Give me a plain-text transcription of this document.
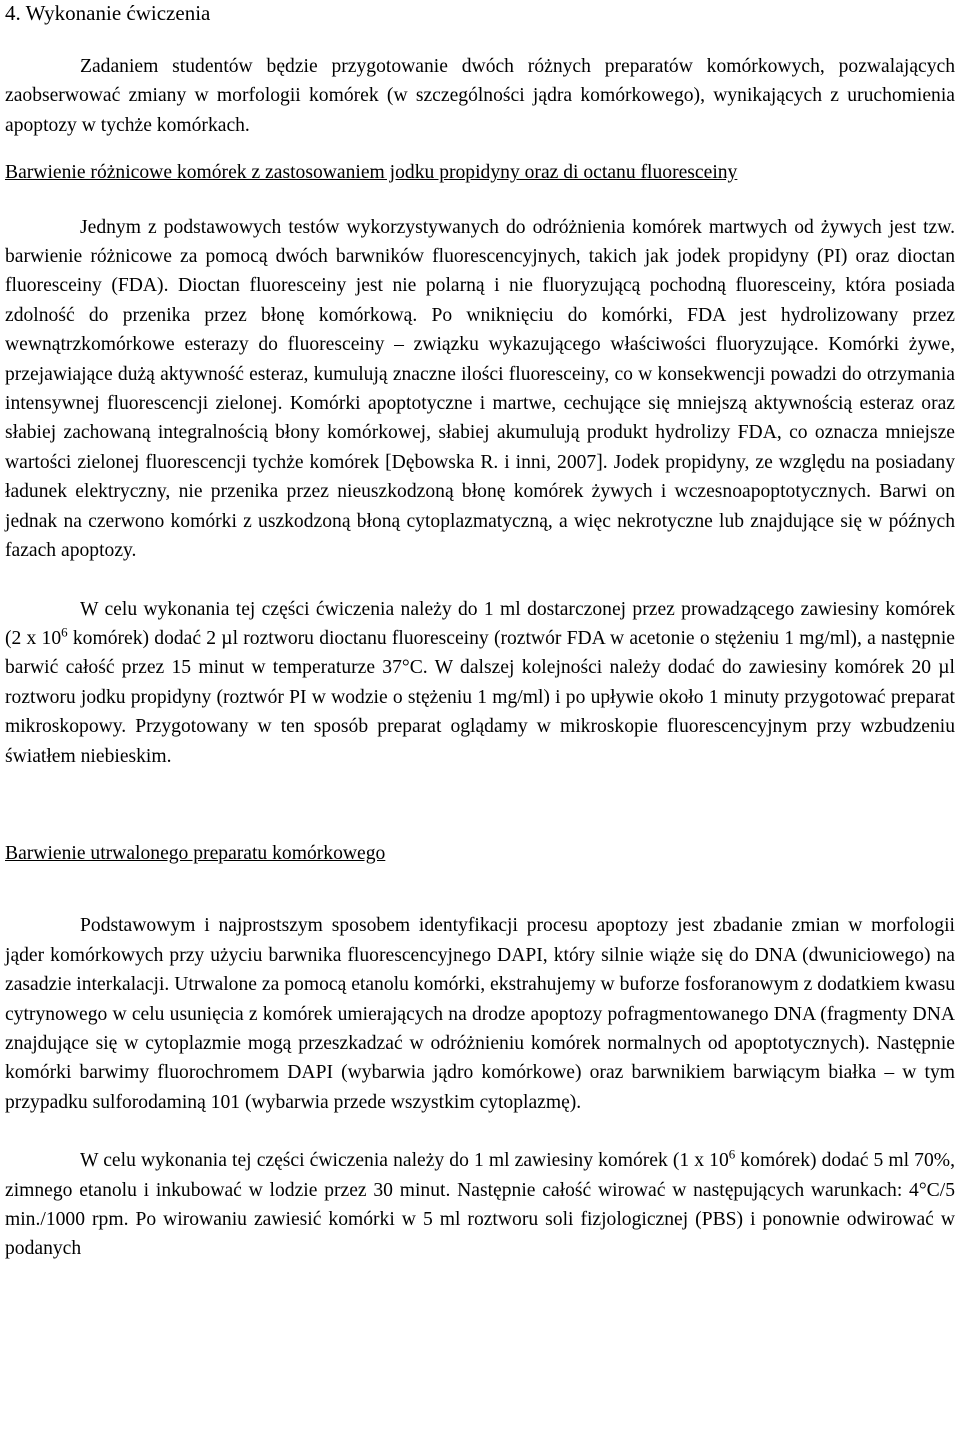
4. Wykonanie ćwiczenia

Zadaniem studentów będzie przygotowanie dwóch różnych preparatów komórkowych, pozwalających zaobserwować zmiany w morfologii komórek (w szczególności jądra komórkowego), wynikających z uruchomienia apoptozy w tychże komórkach.

Barwienie różnicowe komórek z zastosowaniem jodku propidyny oraz di octanu fluoresceiny

Jednym z podstawowych testów wykorzystywanych do odróżnienia komórek martwych od żywych jest tzw. barwienie różnicowe za pomocą dwóch barwników fluorescencyjnych, takich jak jodek propidyny (PI) oraz dioctan fluoresceiny (FDA). Dioctan fluoresceiny jest nie polarną i nie fluoryzującą pochodną fluoresceiny, która posiada zdolność do przenika przez błonę komórkową. Po wniknięciu do komórki, FDA jest hydrolizowany przez wewnątrzkomórkowe esterazy do fluoresceiny – związku wykazującego właściwości fluoryzujące. Komórki żywe, przejawiające dużą aktywność esteraz, kumulują znaczne ilości fluoresceiny, co w konsekwencji powadzi do otrzymania intensywnej fluorescencji zielonej. Komórki apoptotyczne i martwe, cechujące się mniejszą aktywnością esteraz oraz słabiej zachowaną integralnością błony komórkowej, słabiej akumulują produkt hydrolizy FDA, co oznacza mniejsze wartości zielonej fluorescencji tychże komórek [Dębowska R. i inni, 2007]. Jodek propidyny, ze względu na posiadany ładunek elektryczny, nie przenika przez nieuszkodzoną błonę komórek żywych i wczesnoapoptotycznych. Barwi on jednak na czerwono komórki z uszkodzoną błoną cytoplazmatyczną, a więc nekrotyczne lub znajdujące się w późnych fazach apoptozy.

W celu wykonania tej części ćwiczenia należy do 1 ml dostarczonej przez prowadzącego zawiesiny komórek (2 x $10^6$ komórek) dodać 2 µl roztworu dioctanu fluoresceiny (roztwór FDA w acetonie o stężeniu 1 mg/ml), a następnie barwić całość przez 15 minut w temperaturze 37°C. W dalszej kolejności należy dodać do zawiesiny komórek 20 µl roztworu jodku propidyny (roztwór PI w wodzie o stężeniu 1 mg/ml) i po upływie około 1 minuty przygotować preparat mikroskopowy. Przygotowany w ten sposób preparat oglądamy w mikroskopie fluorescencyjnym przy wzbudzeniu światłem niebieskim.

Barwienie utrwalonego preparatu komórkowego

Podstawowym i najprostszym sposobem identyfikacji procesu apoptozy jest zbadanie zmian w morfologii jąder komórkowych przy użyciu barwnika fluorescencyjnego DAPI, który silnie wiąże się do DNA (dwuniciowego) na zasadzie interkalacji. Utrwalone za pomocą etanolu komórki, ekstrahujemy w buforze fosforanowym z dodatkiem kwasu cytrynowego w celu usunięcia z komórek umierających na drodze apoptozy pofragmentowanego DNA (fragmenty DNA znajdujące się w cytoplazmie mogą przeszkadzać w odróżnieniu komórek normalnych od apoptotycznych). Następnie komórki barwimy fluorochromem DAPI (wybarwia jądro komórkowe) oraz barwnikiem barwiącym białka – w tym przypadku sulforodaminą 101 (wybarwia przede wszystkim cytoplazmę).

W celu wykonania tej części ćwiczenia należy do 1 ml zawiesiny komórek (1 x $10^6$ komórek) dodać 5 ml 70%, zimnego etanolu i inkubować w lodzie przez 30 minut. Następnie całość wirować w następujących warunkach: 4°C/5 min./1000 rpm. Po wirowaniu zawiesić komórki w 5 ml roztworu soli fizjologicznej (PBS) i ponownie odwirować w podanych
